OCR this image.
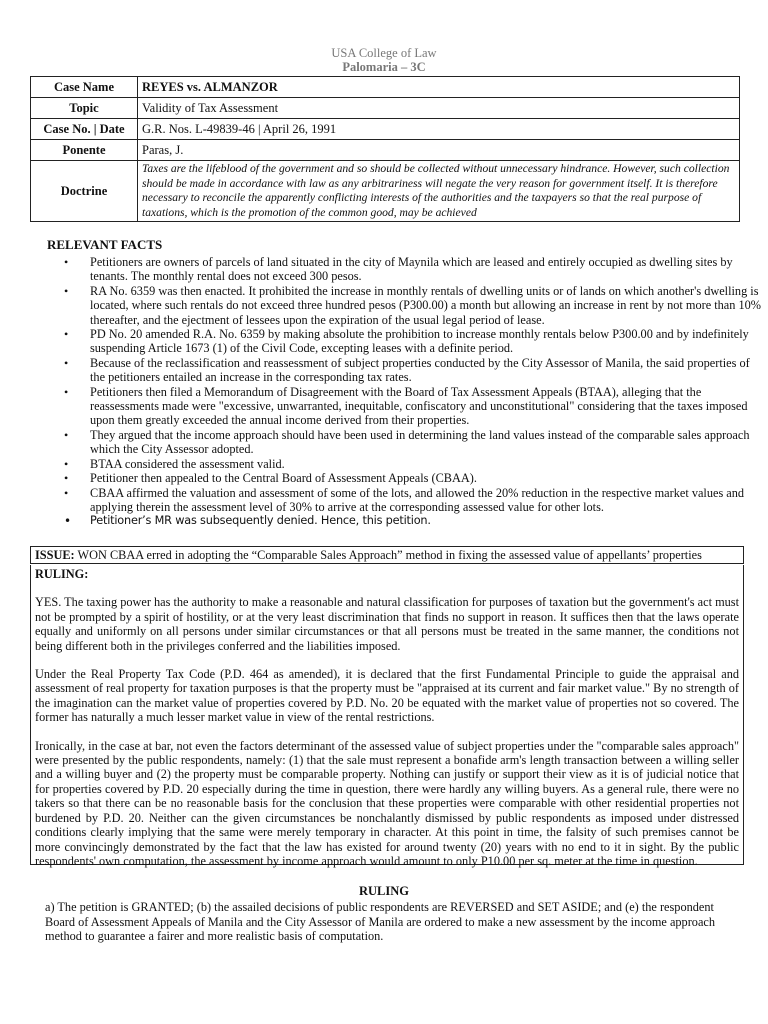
USA College of Law
Palomaria – 3C
Case Name	REYES vs. ALMANZOR
Topic	Validity of Tax Assessment
Case No. | Date	G.R. Nos. L-49839-46 | April 26, 1991
Ponente	Paras, J.
Doctrine	Taxes are the lifeblood of the government and so should be collected without unnecessary hindrance. However, such collection should be made in accordance with law as any arbitrariness will negate the very reason for government itself. It is therefore necessary to reconcile the apparently conflicting interests of the authorities and the taxpayers so that the real purpose of taxations, which is the promotion of the common good, may be achieved
RELEVANT FACTS
• Petitioners are owners of parcels of land situated in the city of Maynila which are leased and entirely occupied as dwelling sites by tenants. The monthly rental does not exceed 300 pesos.
• RA No. 6359 was then enacted. It prohibited the increase in monthly rentals of dwelling units or of lands on which another's dwelling is located, where such rentals do not exceed three hundred pesos (P300.00) a month but allowing an increase in rent by not more than 10% thereafter, and the ejectment of lessees upon the expiration of the usual legal period of lease.
• PD No. 20 amended R.A. No. 6359 by making absolute the prohibition to increase monthly rentals below P300.00 and by indefinitely suspending Article 1673 (1) of the Civil Code, excepting leases with a definite period.
• Because of the reclassification and reassessment of subject properties conducted by the City Assessor of Manila, the said properties of the petitioners entailed an increase in the corresponding tax rates.
• Petitioners then filed a Memorandum of Disagreement with the Board of Tax Assessment Appeals (BTAA), alleging that the reassessments made were "excessive, unwarranted, inequitable, confiscatory and unconstitutional" considering that the taxes imposed upon them greatly exceeded the annual income derived from their properties.
• They argued that the income approach should have been used in determining the land values instead of the comparable sales approach which the City Assessor adopted.
• BTAA considered the assessment valid.
• Petitioner then appealed to the Central Board of Assessment Appeals (CBAA).
• CBAA affirmed the valuation and assessment of some of the lots, and allowed the 20% reduction in the respective market values and applying therein the assessment level of 30% to arrive at the corresponding assessed value for other lots.
• Petitioner’s MR was subsequently denied. Hence, this petition.
ISSUE: WON CBAA erred in adopting the “Comparable Sales Approach” method in fixing the assessed value of appellants’ properties
RULING:

YES. The taxing power has the authority to make a reasonable and natural classification for purposes of taxation but the government's act must not be prompted by a spirit of hostility, or at the very least discrimination that finds no support in reason. It suffices then that the laws operate equally and uniformly on all persons under similar circumstances or that all persons must be treated in the same manner, the conditions not being different both in the privileges conferred and the liabilities imposed.

Under the Real Property Tax Code (P.D. 464 as amended), it is declared that the first Fundamental Principle to guide the appraisal and assessment of real property for taxation purposes is that the property must be "appraised at its current and fair market value." By no strength of the imagination can the market value of properties covered by P.D. No. 20 be equated with the market value of properties not so covered. The former has naturally a much lesser market value in view of the rental restrictions.

Ironically, in the case at bar, not even the factors determinant of the assessed value of subject properties under the "comparable sales approach" were presented by the public respondents, namely: (1) that the sale must represent a bonafide arm's length transaction between a willing seller and a willing buyer and (2) the property must be comparable property. Nothing can justify or support their view as it is of judicial notice that for properties covered by P.D. 20 especially during the time in question, there were hardly any willing buyers. As a general rule, there were no takers so that there can be no reasonable basis for the conclusion that these properties were comparable with other residential properties not burdened by P.D. 20. Neither can the given circumstances be nonchalantly dismissed by public respondents as imposed under distressed conditions clearly implying that the same were merely temporary in character. At this point in time, the falsity of such premises cannot be more convincingly demonstrated by the fact that the law has existed for around twenty (20) years with no end to it in sight. By the public respondents' own computation, the assessment by income approach would amount to only P10.00 per sq. meter at the time in question.

RULING
a) The petition is GRANTED; (b) the assailed decisions of public respondents are REVERSED and SET ASIDE; and (e) the respondent Board of Assessment Appeals of Manila and the City Assessor of Manila are ordered to make a new assessment by the income approach method to guarantee a fairer and more realistic basis of computation.
